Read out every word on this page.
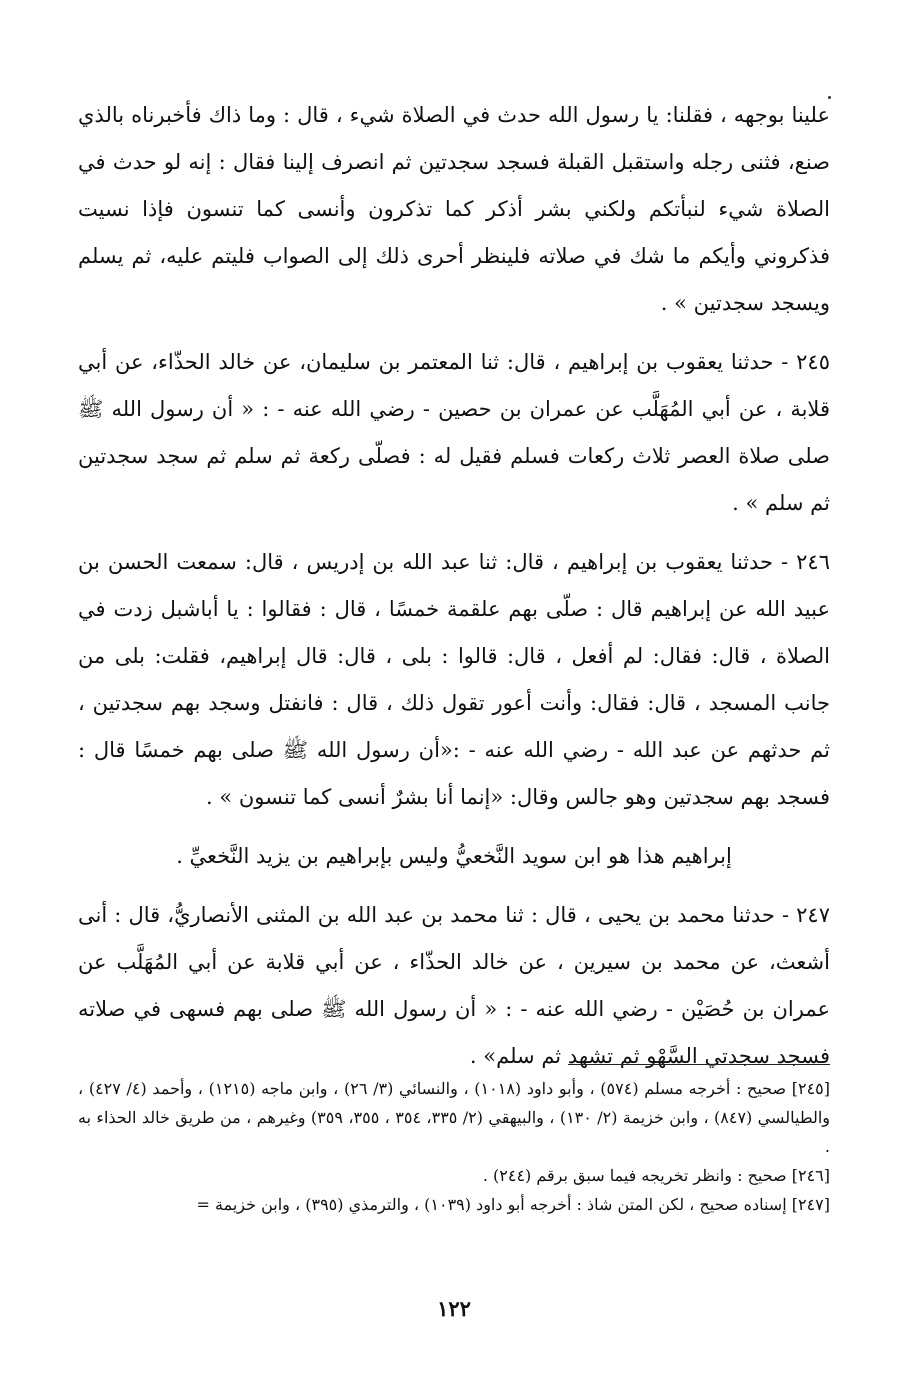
علينا بوجهه ، فقلنا: يا رسول الله حدث في الصلاة شيء ، قال : وما ذاك فأخبرناه بالذي صنع، فثنى رجله واستقبل القبلة فسجد سجدتين ثم انصرف إلينا فقال : إنه لو حدث في الصلاة شيء لنبأتكم ولكني بشر أذكر كما تذكرون وأنسى كما تنسون فإذا نسيت فذكروني وأيكم ما شك في صلاته فلينظر أحرى ذلك إلى الصواب فليتم عليه، ثم يسلم ويسجد سجدتين » .

٢٤٥ - حدثنا يعقوب بن إبراهيم ، قال: ثنا المعتمر بن سليمان، عن خالد الحذّاء، عن أبي قلابة ، عن أبي المُهَلَّب عن عمران بن حصين - رضي الله عنه - : « أن رسول الله ﷺ صلى صلاة العصر ثلاث ركعات فسلم فقيل له : فصلّى ركعة ثم سلم ثم سجد سجدتين ثم سلم » .

٢٤٦ - حدثنا يعقوب بن إبراهيم ، قال: ثنا عبد الله بن إدريس ، قال: سمعت الحسن بن عبيد الله عن إبراهيم قال : صلّى بهم علقمة خمسًا ، قال : فقالوا : يا أباشبل زدت في الصلاة ، قال: فقال: لم أفعل ، قال: قالوا : بلى ، قال: قال إبراهيم، فقلت: بلى من جانب المسجد ، قال: فقال: وأنت أعور تقول ذلك ، قال : فانفتل وسجد بهم سجدتين ، ثم حدثهم عن عبد الله - رضي الله عنه - :«أن رسول الله ﷺ صلى بهم خمسًا قال : فسجد بهم سجدتين وهو جالس وقال: «إنما أنا بشرٌ أنسى كما تنسون » .

إبراهيم هذا هو ابن سويد النَّخعيُّ وليس بإبراهيم بن يزيد النَّخعيِّ .

٢٤٧ - حدثنا محمد بن يحيى ، قال : ثنا محمد بن عبد الله بن المثنى الأنصاريُّ، قال : أنى أشعث، عن محمد بن سيرين ، عن خالد الحذّاء ، عن أبي قلابة عن أبي المُهَلَّب عن عمران بن حُصَيْن - رضي الله عنه - : « أن رسول الله ﷺ صلى بهم فسهى في صلاته فسجد سجدتي السَّهْو ثم تشهد ثم سلم» .

[٢٤٥] صحيح : أخرجه مسلم (٥٧٤) ، وأبو داود (١٠١٨) ، والنسائي (٣/ ٢٦) ، وابن ماجه (١٢١٥) ، وأحمد (٤/ ٤٢٧) ، والطيالسي (٨٤٧) ، وابن خزيمة (٢/ ١٣٠) ، والبيهقي (٢/ ٣٣٥، ٣٥٤ ، ٣٥٥، ٣٥٩) وغيرهم ، من طريق خالد الحذاء به .

[٢٤٦] صحيح : وانظر تخريجه فيما سبق برقم (٢٤٤) .

[٢٤٧] إسناده صحيح ، لكن المتن شاذ : أخرجه أبو داود (١٠٣٩) ، والترمذي (٣٩٥) ، وابن خزيمة =

١٢٢
